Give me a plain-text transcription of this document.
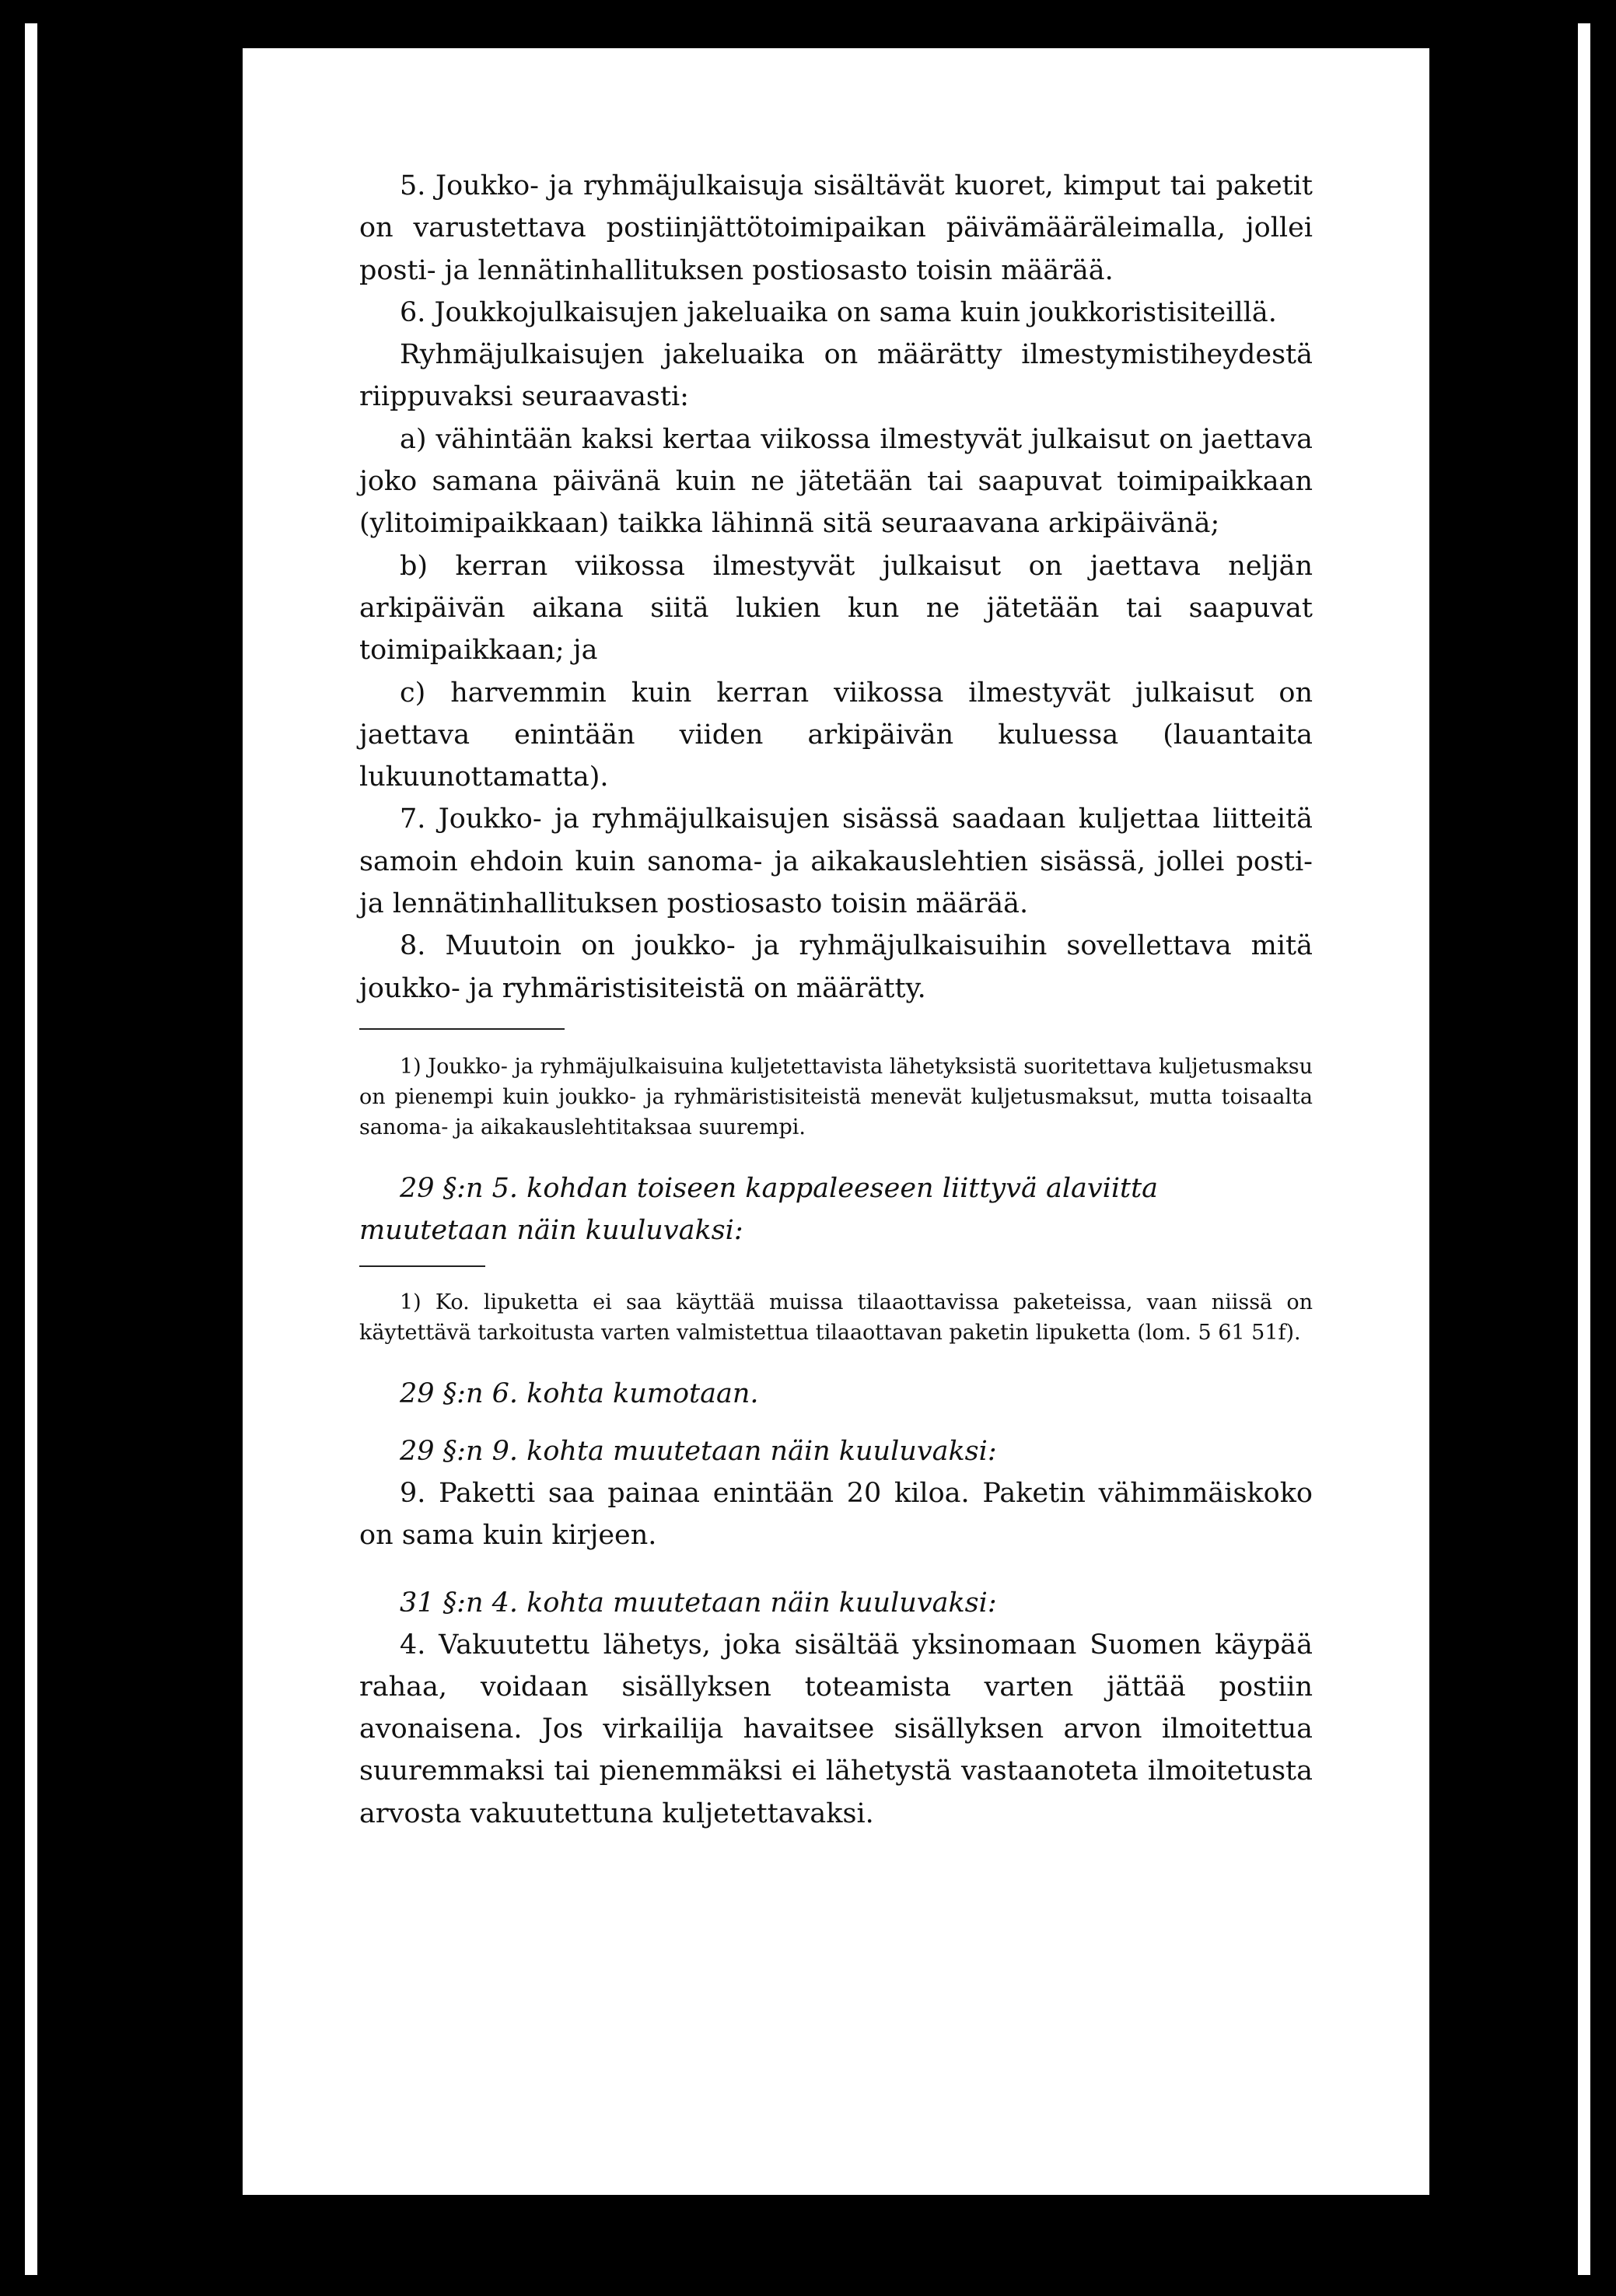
5. Joukko- ja ryhmäjulkaisuja sisältävät kuoret, kimput tai paketit on varustettava postiinjättötoimipaikan päivämääräleimalla, jollei posti- ja lennätinhallituksen postiosasto toisin määrää.

6. Joukkojulkaisujen jakeluaika on sama kuin joukkoristisiteillä.

Ryhmäjulkaisujen jakeluaika on määrätty ilmestymistiheydestä riippuvaksi seuraavasti:

a) vähintään kaksi kertaa viikossa ilmestyvät julkaisut on jaettava joko samana päivänä kuin ne jätetään tai saapuvat toimipaikkaan (ylitoimipaikkaan) taikka lähinnä sitä seuraavana arkipäivänä;

b) kerran viikossa ilmestyvät julkaisut on jaettava neljän arkipäivän aikana siitä lukien kun ne jätetään tai saapuvat toimipaikkaan; ja

c) harvemmin kuin kerran viikossa ilmestyvät julkaisut on jaettava enintään viiden arkipäivän kuluessa (lauantaita lukuunottamatta).

7. Joukko- ja ryhmäjulkaisujen sisässä saadaan kuljettaa liitteitä samoin ehdoin kuin sanoma- ja aikakauslehtien sisässä, jollei posti- ja lennätinhallituksen postiosasto toisin määrää.

8. Muutoin on joukko- ja ryhmäjulkaisuihin sovellettava mitä joukko- ja ryhmäristisiteistä on määrätty.

1) Joukko- ja ryhmäjulkaisuina kuljetettavista lähetyksistä suoritettava kuljetusmaksu on pienempi kuin joukko- ja ryhmäristisiteistä menevät kuljetusmaksut, mutta toisaalta sanoma- ja aikakauslehtitaksaa suurempi.

29 §:n 5. kohdan toiseen kappaleeseen liittyvä alaviitta muutetaan näin kuuluvaksi:

1) Ko. lipuketta ei saa käyttää muissa tilaaottavissa paketeissa, vaan niissä on käytettävä tarkoitusta varten valmistettua tilaaottavan paketin lipuketta (lom. 5 61 51f).

29 §:n 6. kohta kumotaan.

29 §:n 9. kohta muutetaan näin kuuluvaksi:

9. Paketti saa painaa enintään 20 kiloa. Paketin vähimmäiskoko on sama kuin kirjeen.

31 §:n 4. kohta muutetaan näin kuuluvaksi:

4. Vakuutettu lähetys, joka sisältää yksinomaan Suomen käypää rahaa, voidaan sisällyksen toteamista varten jättää postiin avonaisena. Jos virkailija havaitsee sisällyksen arvon ilmoitettua suuremmaksi tai pienemmäksi ei lähetystä vastaanoteta ilmoitetusta arvosta vakuutettuna kuljetettavaksi.
